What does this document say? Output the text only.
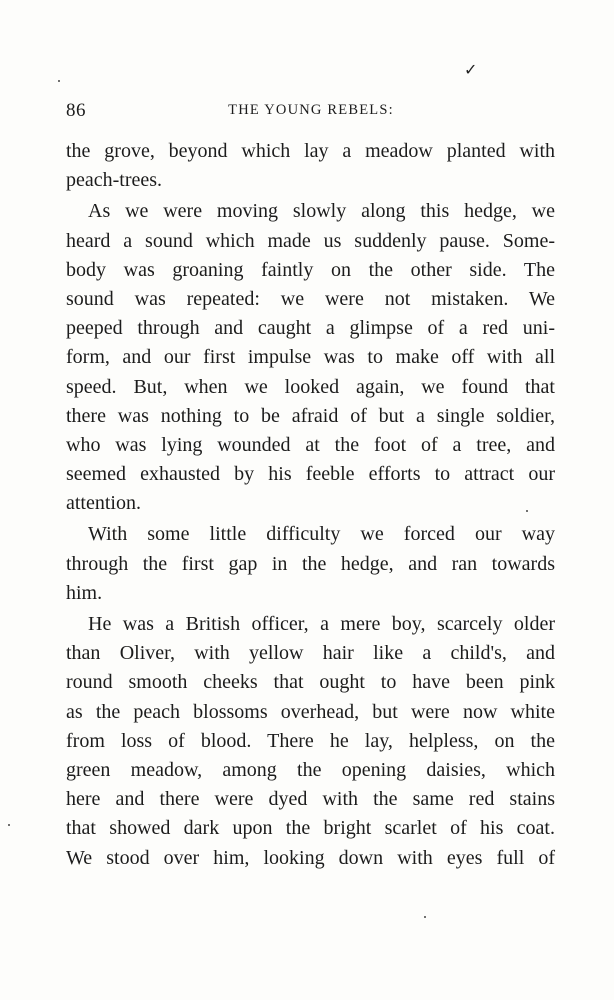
✓
86	THE YOUNG REBELS:
the grove, beyond which lay a meadow planted with
peach-trees.
As we were moving slowly along this hedge, we
heard a sound which made us suddenly pause. Some-
body was groaning faintly on the other side. The
sound was repeated: we were not mistaken. We
peeped through and caught a glimpse of a red uni-
form, and our first impulse was to make off with all
speed. But, when we looked again, we found that
there was nothing to be afraid of but a single soldier,
who was lying wounded at the foot of a tree, and
seemed exhausted by his feeble efforts to attract our
attention.
With some little difficulty we forced our way
through the first gap in the hedge, and ran towards
him.
He was a British officer, a mere boy, scarcely older
than Oliver, with yellow hair like a child's, and
round smooth cheeks that ought to have been pink
as the peach blossoms overhead, but were now white
from loss of blood. There he lay, helpless, on the
green meadow, among the opening daisies, which
here and there were dyed with the same red stains
that showed dark upon the bright scarlet of his coat.
We stood over him, looking down with eyes full of
